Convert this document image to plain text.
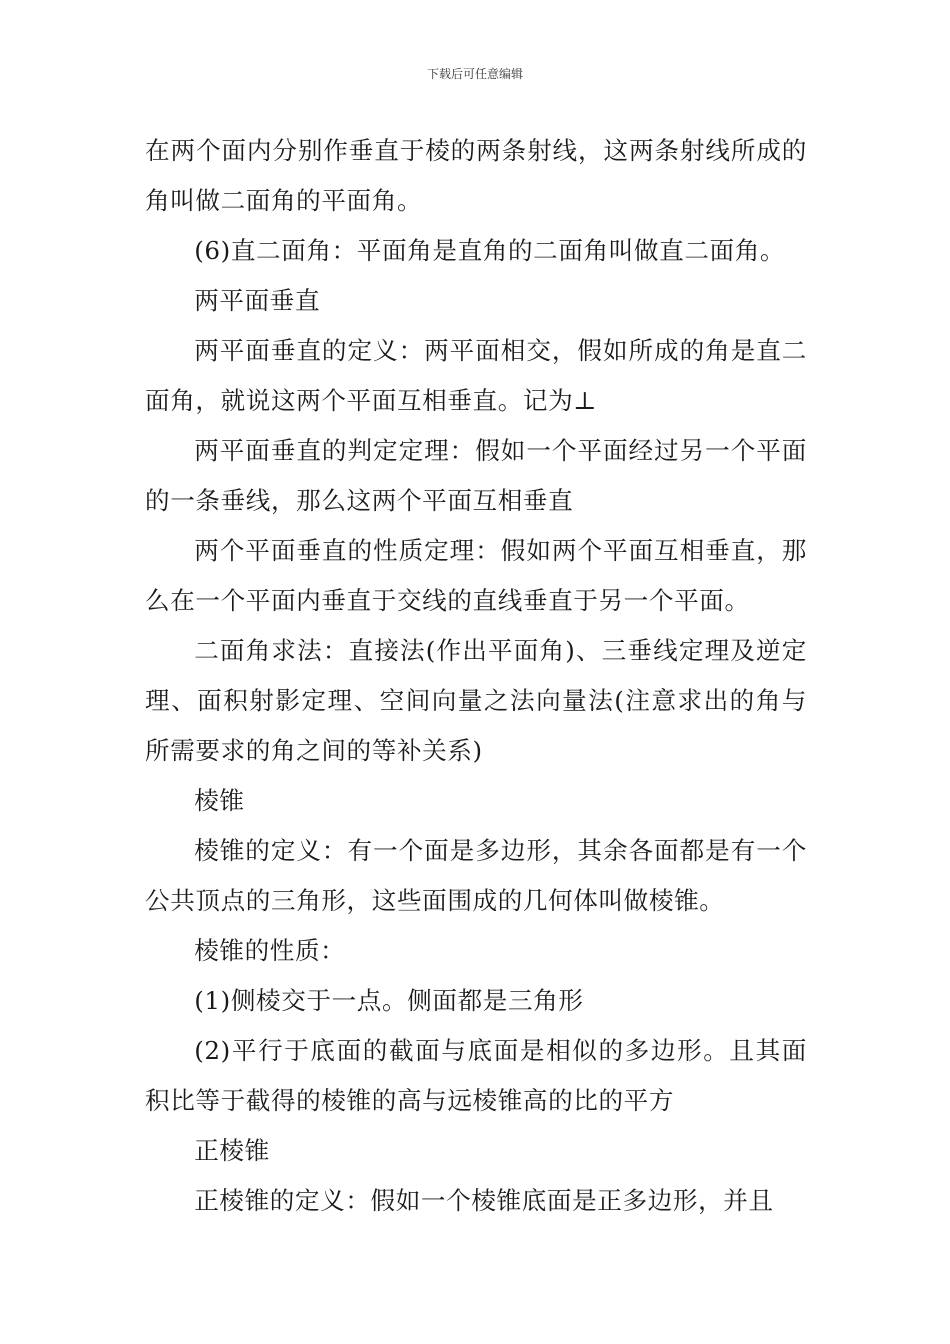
下载后可任意编辑

在两个面内分别作垂直于棱的两条射线，这两条射线所成的角叫做二面角的平面角。

(6)直二面角：平面角是直角的二面角叫做直二面角。

两平面垂直

两平面垂直的定义：两平面相交，假如所成的角是直二面角，就说这两个平面互相垂直。记为⊥

两平面垂直的判定定理：假如一个平面经过另一个平面的一条垂线，那么这两个平面互相垂直

两个平面垂直的性质定理：假如两个平面互相垂直，那么在一个平面内垂直于交线的直线垂直于另一个平面。

二面角求法：直接法(作出平面角)、三垂线定理及逆定理、面积射影定理、空间向量之法向量法(注意求出的角与所需要求的角之间的等补关系)

棱锥

棱锥的定义：有一个面是多边形，其余各面都是有一个公共顶点的三角形，这些面围成的几何体叫做棱锥。

棱锥的性质：

(1)侧棱交于一点。侧面都是三角形

(2)平行于底面的截面与底面是相似的多边形。且其面积比等于截得的棱锥的高与远棱锥高的比的平方

正棱锥

正棱锥的定义：假如一个棱锥底面是正多边形，并且
